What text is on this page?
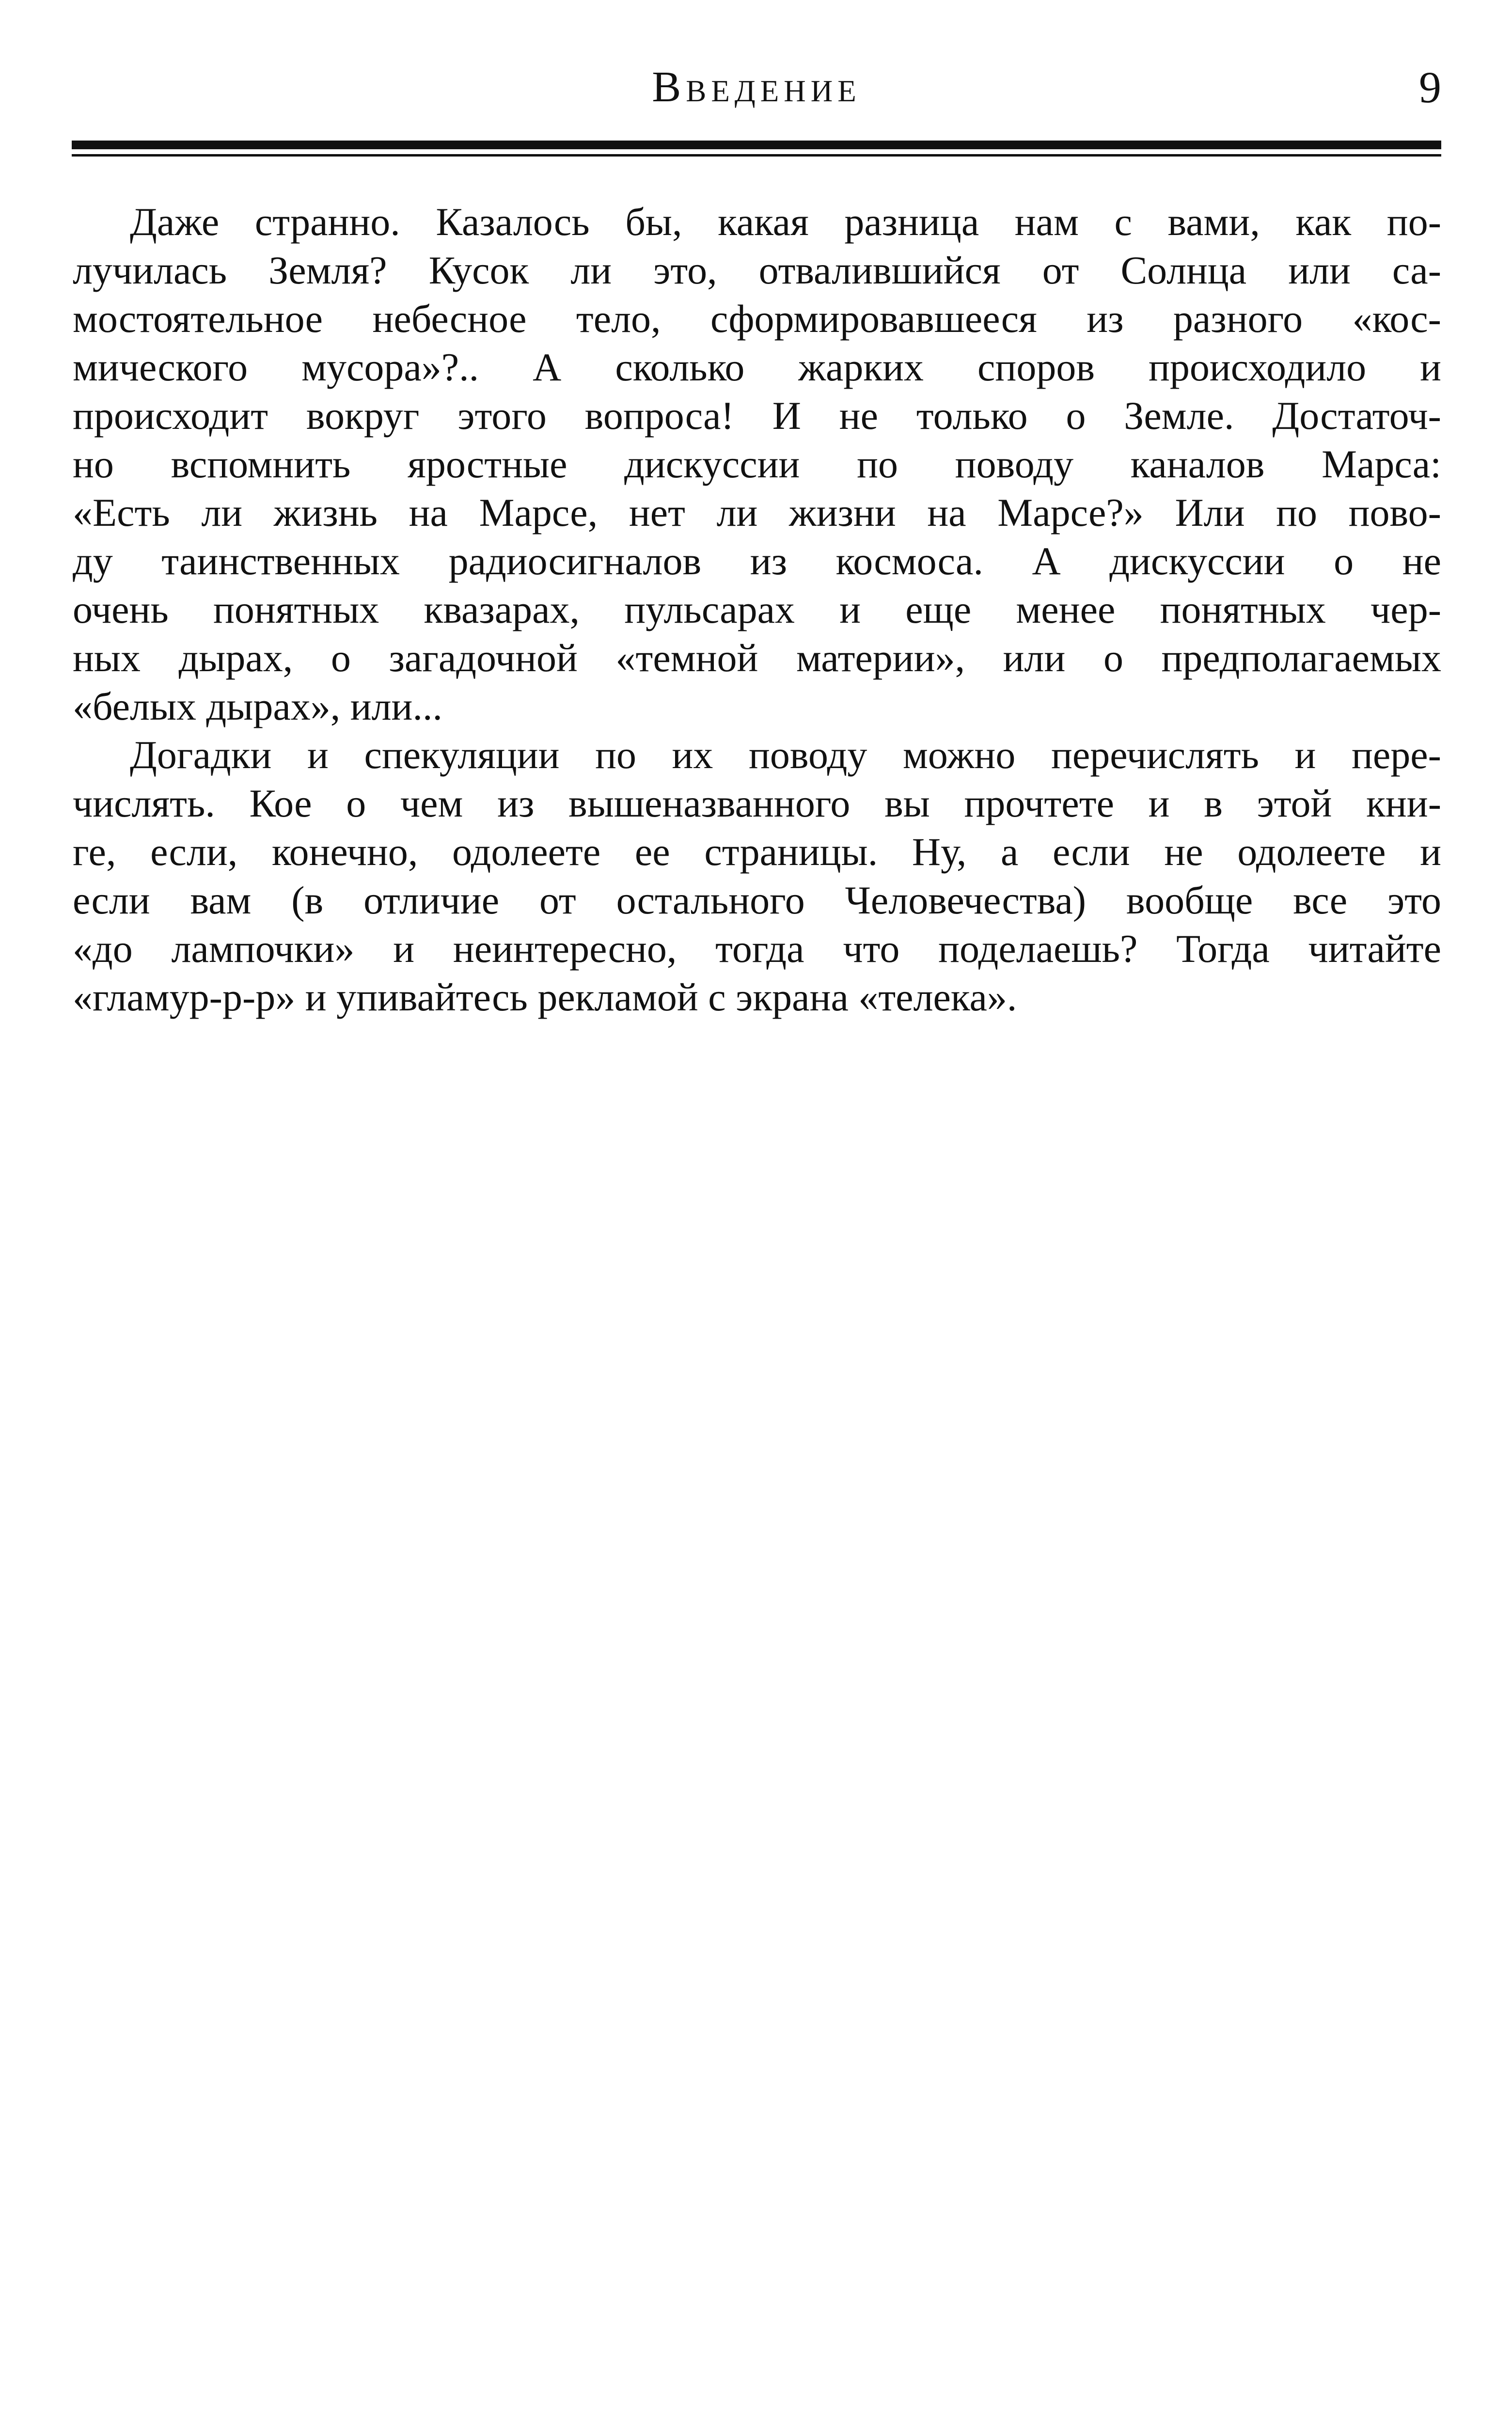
Введение	9
Даже странно. Казалось бы, какая разница нам с вами, как по-
лучилась Земля? Кусок ли это, отвалившийся от Солнца или са-
мостоятельное небесное тело, сформировавшееся из разного «кос-
мического мусора»?.. А сколько жарких споров происходило и
происходит вокруг этого вопроса! И не только о Земле. Достаточ-
но вспомнить яростные дискуссии по поводу каналов Марса:
«Есть ли жизнь на Марсе, нет ли жизни на Марсе?» Или по пово-
ду таинственных радиосигналов из космоса. А дискуссии о не
очень понятных квазарах, пульсарах и еще менее понятных чер-
ных дырах, о загадочной «темной материи», или о предполагаемых
«белых дырах», или...
Догадки и спекуляции по их поводу можно перечислять и пере-
числять. Кое о чем из вышеназванного вы прочтете и в этой кни-
ге, если, конечно, одолеете ее страницы. Ну, а если не одолеете и
если вам (в отличие от остального Человечества) вообще все это
«до лампочки» и неинтересно, тогда что поделаешь? Тогда читайте
«гламур-р-р» и упивайтесь рекламой с экрана «телека».
